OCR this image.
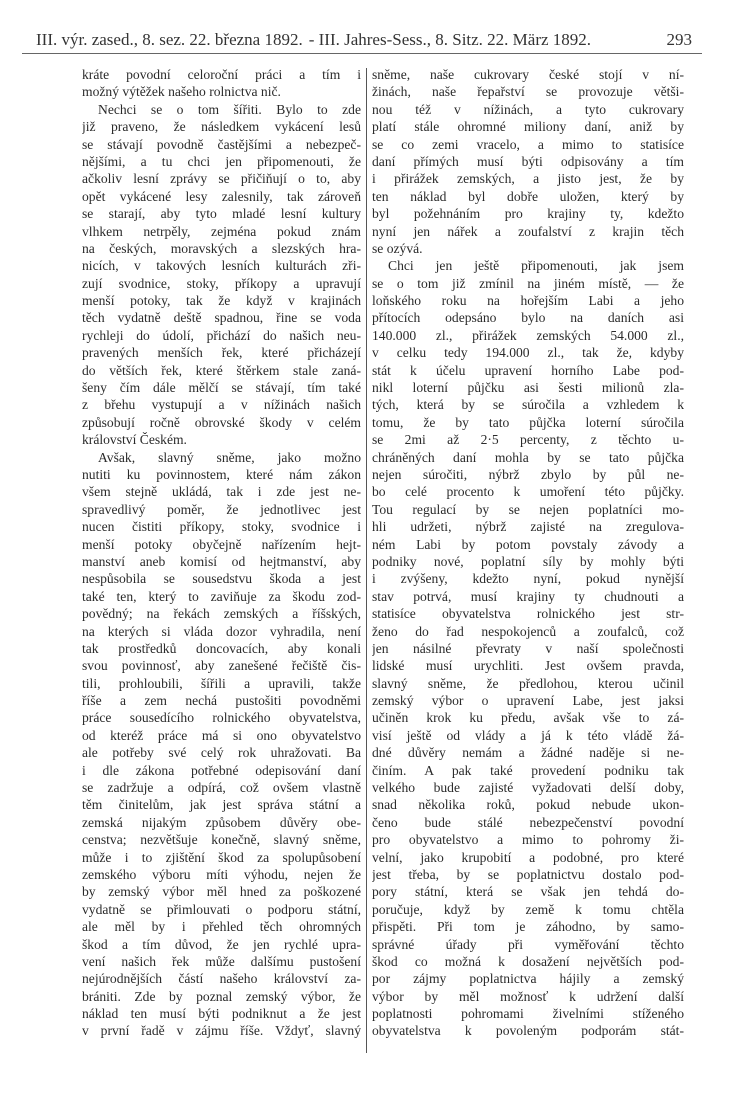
III. výr. zased., 8. sez. 22. března 1892. - III. Jahres-Sess., 8. Sitz. 22. März 1892.	293
kráte povodní celoroční práci a tím i
možný výtěžek našeho rolnictva nič.
Nechci se o tom šířiti. Bylo to zde
již praveno, že následkem vykácení lesů
se stávají povodně častějšími a nebezpeč-
nějšími, a tu chci jen připomenouti, že
ačkoliv lesní zprávy se přičiňují o to, aby
opět vykácené lesy zalesnily, tak zároveň
se starají, aby tyto mladé lesní kultury
vlhkem netrpěly, zejména pokud znám
na českých, moravských a slezských hra-
nicích, v takových lesních kulturách zři-
zují svodnice, stoky, příkopy a upravují
menší potoky, tak že když v krajinách
těch vydatně deště spadnou, řine se voda
rychleji do údolí, přichází do našich neu-
pravených menších řek, které přicházejí
do větších řek, které štěrkem stale zaná-
šeny čím dále mělčí se stávají, tím také
z břehu vystupují a v nížinách našich
způsobují ročně obrovské škody v celém
království Českém.
Avšak, slavný sněme, jako možno
nutiti ku povinnostem, které nám zákon
všem stejně ukládá, tak i zde jest ne-
spravedlivý poměr, že jednotlivec jest
nucen čistiti příkopy, stoky, svodnice i
menší potoky obyčejně nařízením hejt-
manství aneb komisí od hejtmanství, aby
nespůsobila se sousedstvu škoda a jest
také ten, který to zaviňuje za škodu zod-
povědný; na řekách zemských a říšských,
na kterých si vláda dozor vyhradila, není
tak prostředků doncovacích, aby konali
svou povinnosť, aby zanešené řečiště čis-
tili, prohloubili, šířili a upravili, takže
říše a zem nechá pustošiti povodněmi
práce sousedícího rolnického obyvatelstva,
od kteréž práce má si ono obyvatelstvo
ale potřeby své celý rok uhražovati. Ba
i dle zákona potřebné odepisování daní
se zadržuje a odpírá, což ovšem vlastně
těm činitelům, jak jest správa státní a
zemská nijakým způsobem důvěry obe-
censtva; nezvětšuje konečně, slavný sněme,
může i to zjištění škod za spolupůsobení
zemského výboru míti výhodu, nejen že
by zemský výbor měl hned za poškozené
vydatně se přimlouvati o podporu státní,
ale měl by i přehled těch ohromných
škod a tím důvod, že jen rychlé upra-
vení našich řek může dalšímu pustošení
nejúrodnějších částí našeho království za-
brániti. Zde by poznal zemský výbor, že
náklad ten musí býti podniknut a že jest
v první řadě v zájmu říše. Vždyť, slavný
sněme, naše cukrovary české stojí v ní-
žinách, naše řepařství se provozuje větši-
nou též v nížinách, a tyto cukrovary
platí stále ohromné miliony daní, aniž by
se co zemi vracelo, a mimo to statisíce
daní přímých musí býti odpisovány a tím
i přirážek zemských, a jisto jest, že by
ten náklad byl dobře uložen, který by
byl požehnáním pro krajiny ty, kdežto
nyní jen nářek a zoufalství z krajin těch
se ozývá.
Chci jen ještě připomenouti, jak jsem
se o tom již zmínil na jiném místě, — že
loňského roku na hořejším Labi a jeho
přítocích odepsáno bylo na daních asi
140.000 zl., přirážek zemských 54.000 zl.,
v celku tedy 194.000 zl., tak že, kdyby
stát k účelu upravení horního Labe pod-
nikl loterní půjčku asi šesti milionů zla-
tých, která by se súročila a vzhledem k
tomu, že by tato půjčka loterní súročila
se 2mi až 2·5 percenty, z těchto u-
chráněných daní mohla by se tato půjčka
nejen súročiti, nýbrž zbylo by půl ne-
bo celé procento k umoření této půjčky.
Tou regulací by se nejen poplatníci mo-
hli udržeti, nýbrž zajisté na zregulova-
ném Labi by potom povstaly závody a
podniky nové, poplatní síly by mohly býti
i zvýšeny, kdežto nyní, pokud nynější
stav potrvá, musí krajiny ty chudnouti a
statisíce obyvatelstva rolnického jest str-
ženo do řad nespokojenců a zoufalců, což
jen násilné převraty v naší společnosti
lidské musí urychliti. Jest ovšem pravda,
slavný sněme, že předlohou, kterou učinil
zemský výbor o upravení Labe, jest jaksi
učiněn krok ku předu, avšak vše to zá-
visí ještě od vlády a já k této vládě žá-
dné důvěry nemám a žádné naděje si ne-
činím. A pak také provedení podniku tak
velkého bude zajisté vyžadovati delší doby,
snad několika roků, pokud nebude ukon-
čeno bude stálé nebezpečenství povodní
pro obyvatelstvo a mimo to pohromy ži-
velní, jako krupobití a podobné, pro které
jest třeba, by se poplatnictvu dostalo pod-
pory státní, která se však jen tehdá do-
poručuje, když by země k tomu chtěla
přispěti. Při tom je záhodno, by samo-
správné úřady při vyměřování těchto
škod co možná k dosažení největších pod-
por zájmy poplatnictva hájily a zemský
výbor by měl možnosť k udržení další
poplatnosti pohromami živelními stíženého
obyvatelstva k povoleným podporám stát-
